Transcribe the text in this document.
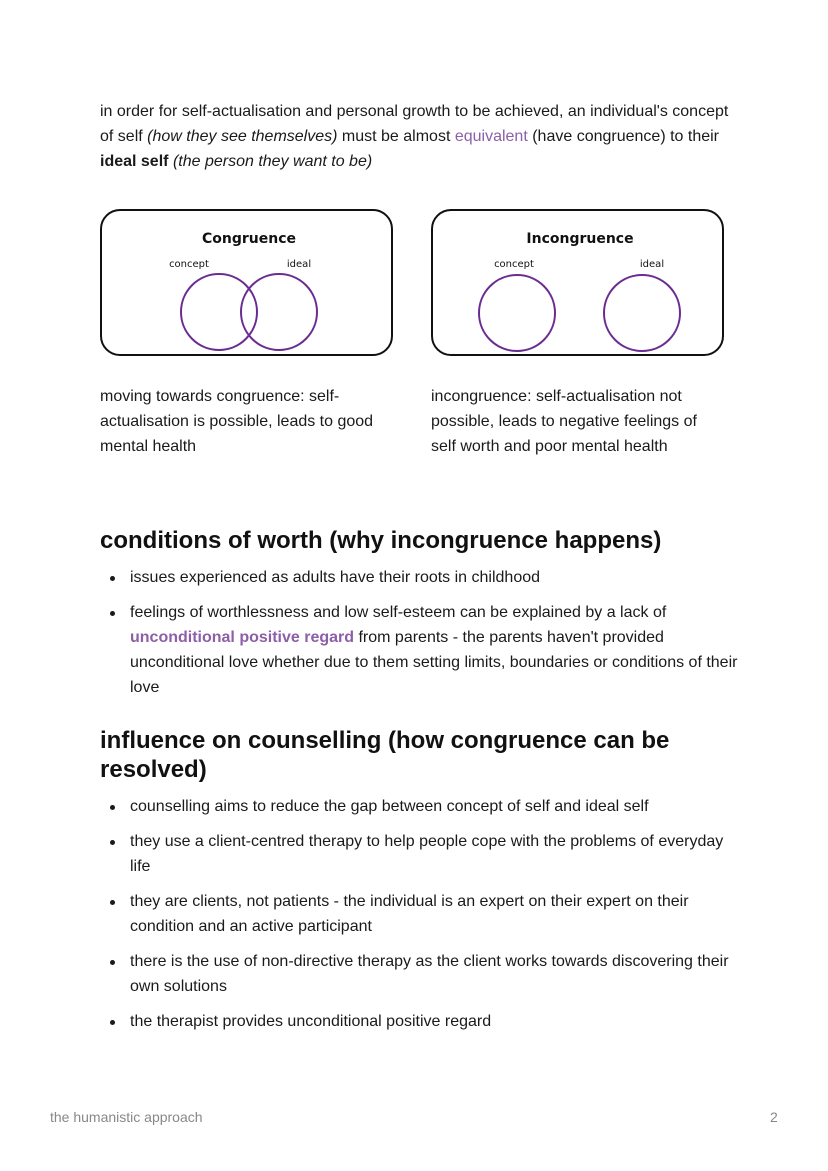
in order for self-actualisation and personal growth to be achieved, an individual's concept of self (how they see themselves) must be almost equivalent (have congruence) to their ideal self (the person they want to be)

Congruence
concept	ideal
Incongruence
concept	ideal

moving towards congruence: self-actualisation is possible, leads to good mental health

incongruence: self-actualisation not possible, leads to negative feelings of self worth and poor mental health

conditions of worth (why incongruence happens)
issues experienced as adults have their roots in childhood
feelings of worthlessness and low self-esteem can be explained by a lack of unconditional positive regard from parents - the parents haven't provided unconditional love whether due to them setting limits, boundaries or conditions of their love
influence on counselling (how congruence can be resolved)
counselling aims to reduce the gap between concept of self and ideal self
they use a client-centred therapy to help people cope with the problems of everyday life
they are clients, not patients - the individual is an expert on their expert on their condition and an active participant
there is the use of non-directive therapy as the client works towards discovering their own solutions
the therapist provides unconditional positive regard
the humanistic approach	2
